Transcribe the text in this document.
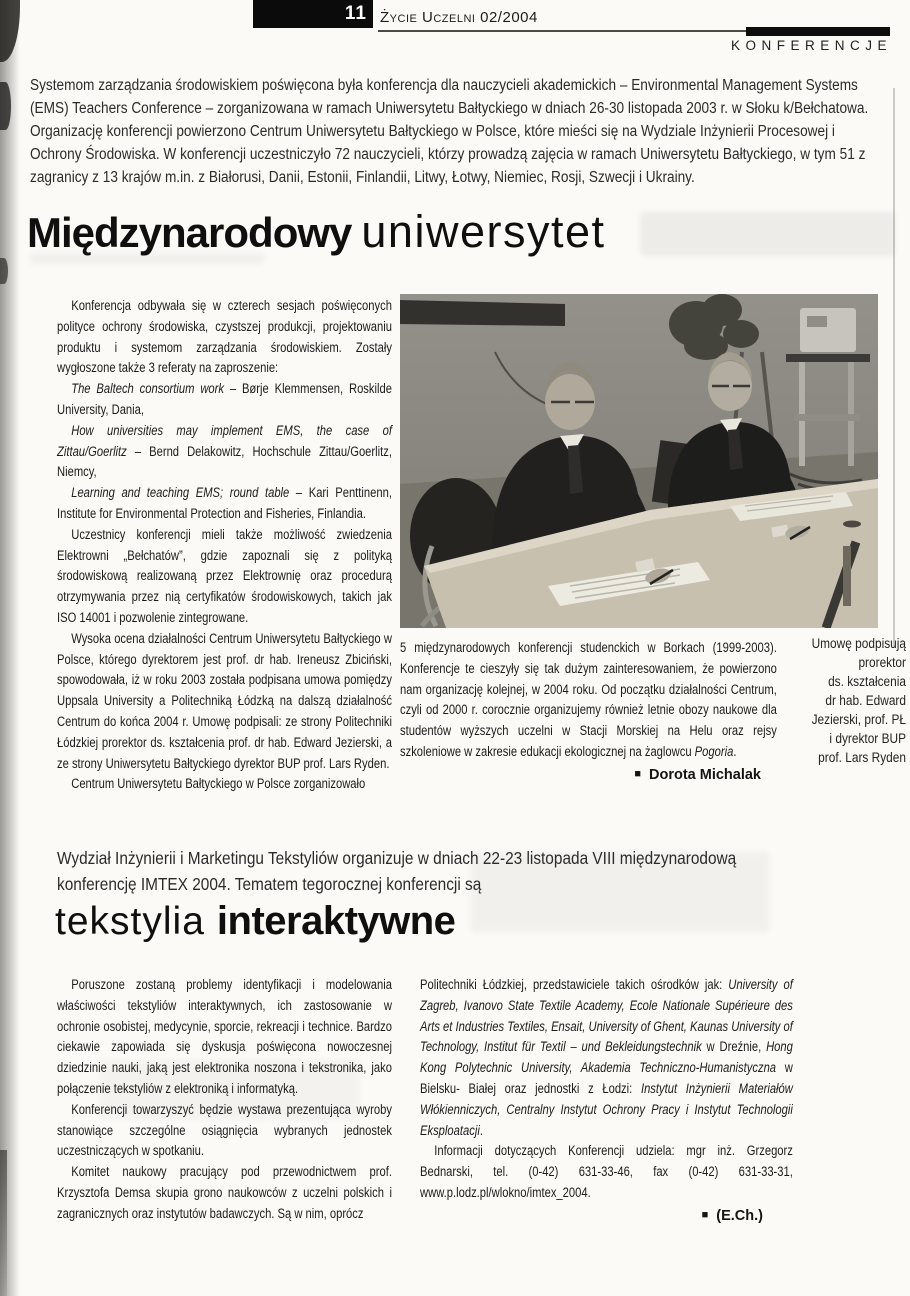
11 Życie Uczelni 02/2004
KONFERENCJE
Systemom zarządzania środowiskiem poświęcona była konferencja dla nauczycieli akademickich – Environmental Management Systems (EMS) Teachers Conference – zorganizowana w ramach Uniwersytetu Bałtyckiego w dniach 26-30 listopada 2003 r. w Słoku k/Bełchatowa. Organizację konferencji powierzono Centrum Uniwersytetu Bałtyckiego w Polsce, które mieści się na Wydziale Inżynierii Procesowej i Ochrony Środowiska. W konferencji uczestniczyło 72 nauczycieli, którzy prowadzą zajęcia w ramach Uniwersytetu Bałtyckiego, w tym 51 z zagranicy z 13 krajów m.in. z Białorusi, Danii, Estonii, Finlandii, Litwy, Łotwy, Niemiec, Rosji, Szwecji i Ukrainy.
Międzynarodowy uniwersytet

Konferencja odbywała się w czterech sesjach poświęconych polityce ochrony środowiska, czystszej produkcji, projektowaniu produktu i systemom zarządzania środowiskiem. Zostały wygłoszone także 3 referaty na zaproszenie:

The Baltech consortium work – Børje Klemmensen, Roskilde University, Dania,

How universities may implement EMS, the case of Zittau/Goerlitz – Bernd Delakowitz, Hochschule Zittau/Goerlitz, Niemcy,

Learning and teaching EMS; round table – Kari Penttinenn, Institute for Environmental Protection and Fisheries, Finlandia.

Uczestnicy konferencji mieli także możliwość zwiedzenia Elektrowni „Bełchatów”, gdzie zapoznali się z polityką środowiskową realizowaną przez Elektrownię oraz procedurą otrzymywania przez nią certyfikatów środowiskowych, takich jak ISO 14001 i pozwolenie zintegrowane.

Wysoka ocena działalności Centrum Uniwersytetu Bałtyckiego w Polsce, którego dyrektorem jest prof. dr hab. Ireneusz Zbiciński, spowodowała, iż w roku 2003 została podpisana umowa pomiędzy Uppsala University a Politechniką Łódzką na dalszą działalność Centrum do końca 2004 r. Umowę podpisali: ze strony Politechniki Łódzkiej prorektor ds. kształcenia prof. dr hab. Edward Jezierski, a ze strony Uniwersytetu Bałtyckiego dyrektor BUP prof. Lars Ryden.

Centrum Uniwersytetu Bałtyckiego w Polsce zorganizowało

Umowę podpisują
prorektor
ds. kształcenia
dr hab. Edward
Jezierski, prof. PŁ
i dyrektor BUP
prof. Lars Ryden

5 międzynarodowych konferencji studenckich w Borkach (1999-2003). Konferencje te cieszyły się tak dużym zainteresowaniem, że powierzono nam organizację kolejnej, w 2004 roku. Od początku działalności Centrum, czyli od 2000 r. corocznie organizujemy również letnie obozy naukowe dla studentów wyższych uczelni w Stacji Morskiej na Helu oraz rejsy szkoleniowe w zakresie edukacji ekologicznej na żaglowcu Pogoria.

■ Dorota Michalak
Wydział Inżynierii i Marketingu Tekstyliów organizuje w dniach 22-23 listopada VIII międzynarodową konferencję IMTEX 2004. Tematem tegorocznej konferencji są
tekstylia interaktywne

Poruszone zostaną problemy identyfikacji i modelowania właściwości tekstyliów interaktywnych, ich zastosowanie w ochronie osobistej, medycynie, sporcie, rekreacji i technice. Bardzo ciekawie zapowiada się dyskusja poświęcona nowoczesnej dziedzinie nauki, jaką jest elektronika noszona i tekstronika, jako połączenie tekstyliów z elektroniką i informatyką.

Konferencji towarzyszyć będzie wystawa prezentująca wyroby stanowiące szczególne osiągnięcia wybranych jednostek uczestniczących w spotkaniu.

Komitet naukowy pracujący pod przewodnictwem prof. Krzysztofa Demsa skupia grono naukowców z uczelni polskich i zagranicznych oraz instytutów badawczych. Są w nim, oprócz

Politechniki Łódzkiej, przedstawiciele takich ośrodków jak: University of Zagreb, Ivanovo State Textile Academy, Ecole Nationale Supérieure des Arts et Industries Textiles, Ensait, University of Ghent, Kaunas University of Technology, Institut für Textil – und Bekleidungstechnik w Dreźnie, Hong Kong Polytechnic University, Akademia Techniczno-Humanistyczna w Bielsku- Białej oraz jednostki z Łodzi: Instytut Inżynierii Materiałów Włókienniczych, Centralny Instytut Ochrony Pracy i Instytut Technologii Eksploatacji.

Informacji dotyczących Konferencji udziela: mgr inż. Grzegorz Bednarski, tel. (0-42) 631-33-46, fax (0-42) 631-33-31, www.p.lodz.pl/wlokno/imtex_2004.

■ (E.Ch.)
